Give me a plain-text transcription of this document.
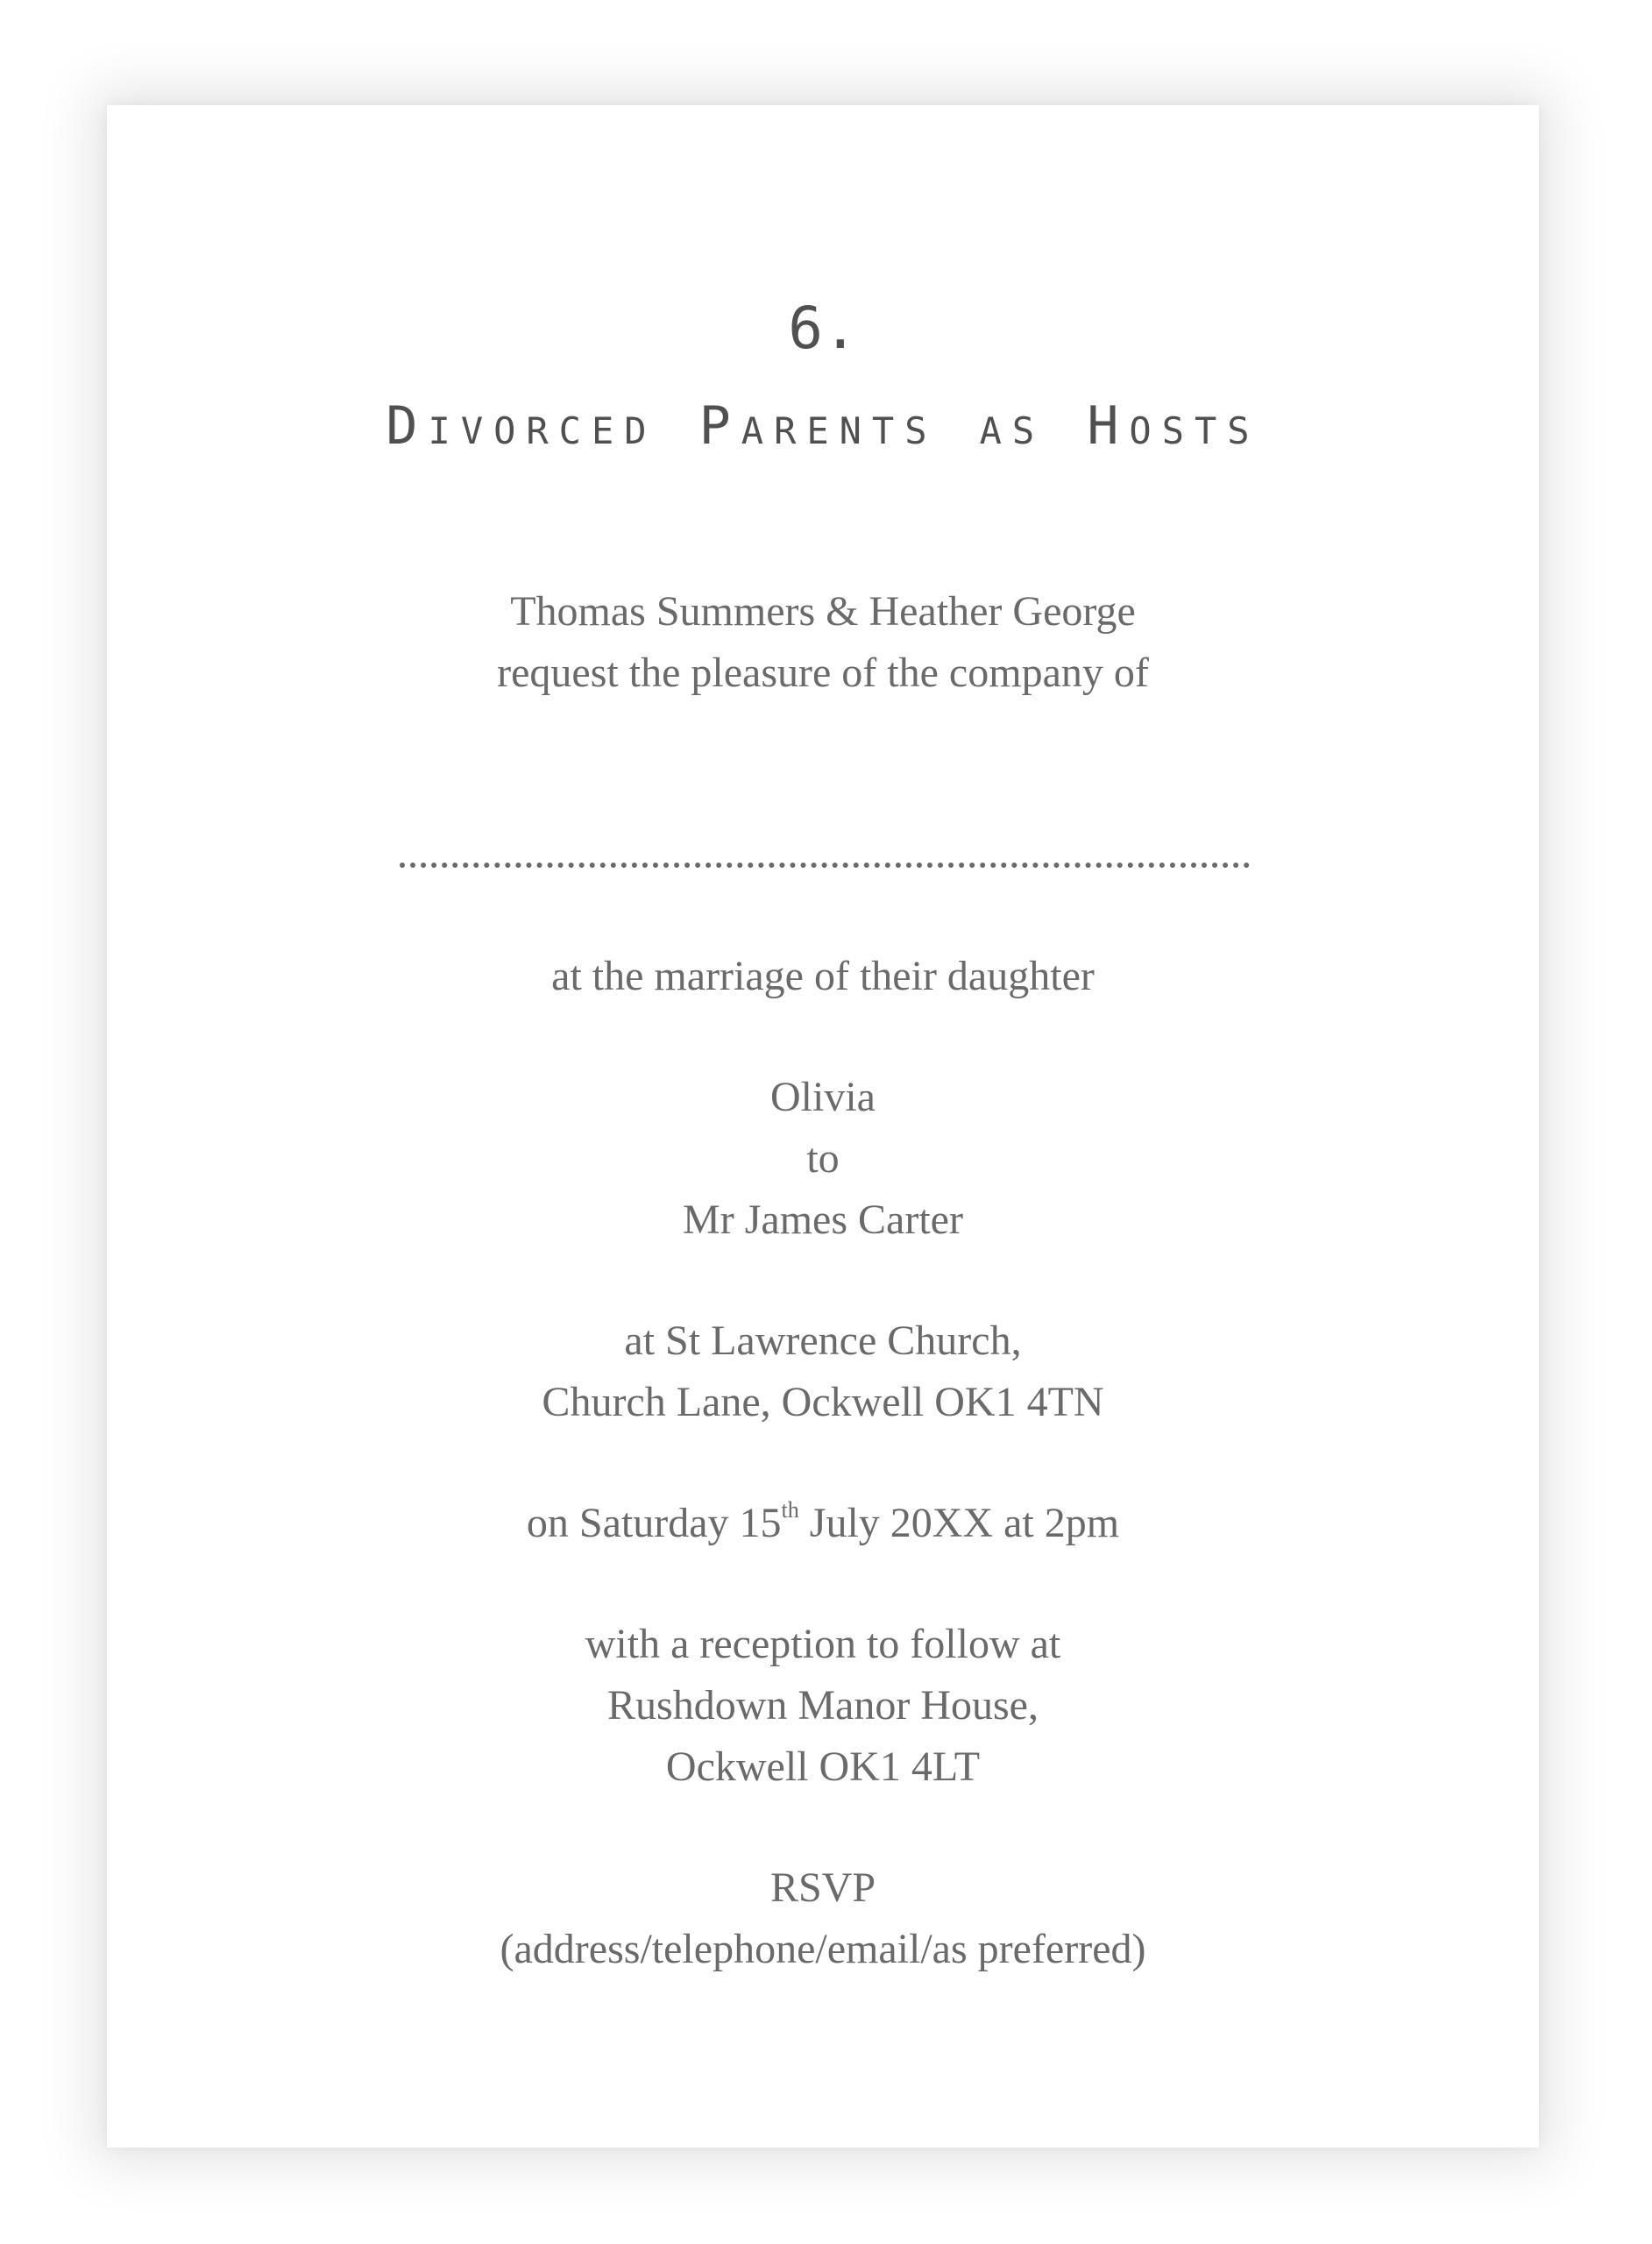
6.
Divorced Parents as Hosts
Thomas Summers & Heather George
request the pleasure of the company of
at the marriage of their daughter
Olivia
to
Mr James Carter
at St Lawrence Church,
Church Lane, Ockwell OK1 4TN
on Saturday 15th July 20XX at 2pm
with a reception to follow at
Rushdown Manor House,
Ockwell OK1 4LT
RSVP
(address/telephone/email/as preferred)
